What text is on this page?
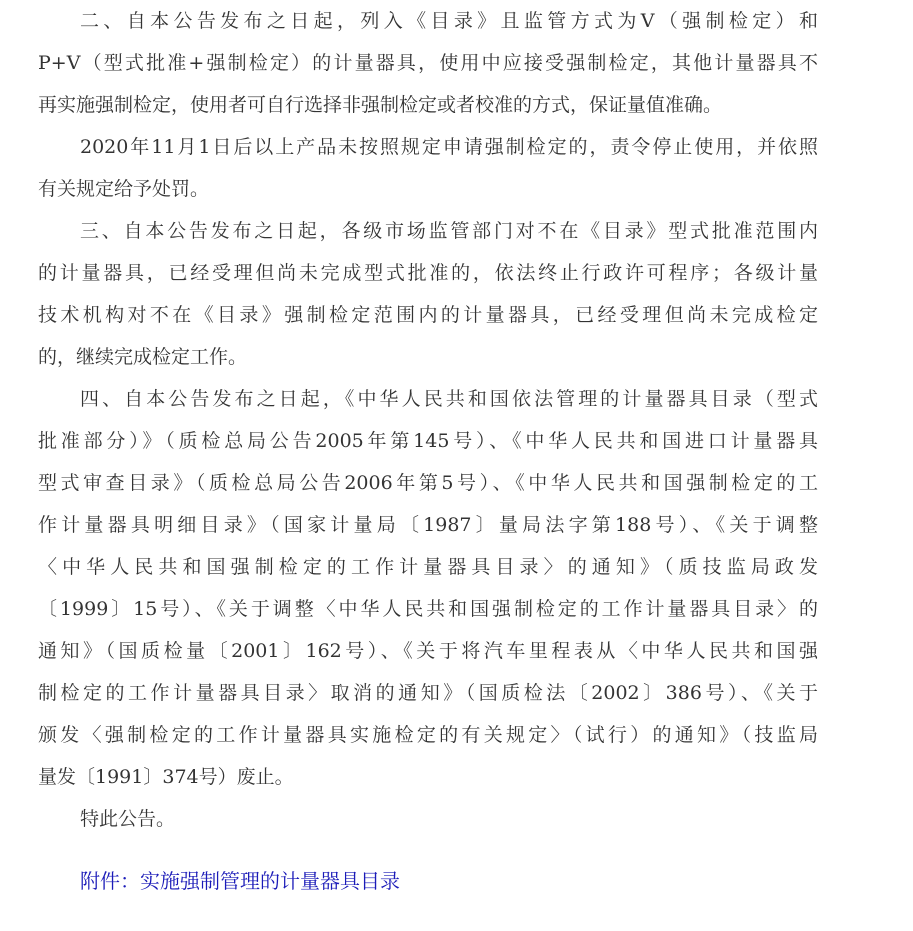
二、自本公告发布之日起，列入《目录》且监管方式为V（强制检定）和
P+V（型式批准+强制检定）的计量器具，使用中应接受强制检定，其他计量器具不
再实施强制检定，使用者可自行选择非强制检定或者校准的方式，保证量值准确。
2020年11月1日后以上产品未按照规定申请强制检定的，责令停止使用，并依照
有关规定给予处罚。
三、自本公告发布之日起，各级市场监管部门对不在《目录》型式批准范围内
的计量器具，已经受理但尚未完成型式批准的，依法终止行政许可程序；各级计量
技术机构对不在《目录》强制检定范围内的计量器具，已经受理但尚未完成检定
的，继续完成检定工作。
四、自本公告发布之日起，《中华人民共和国依法管理的计量器具目录（型式
批准部分）》（质检总局公告2005年第145号）、《中华人民共和国进口计量器具
型式审查目录》（质检总局公告2006年第5号）、《中华人民共和国强制检定的工
作计量器具明细目录》（国家计量局〔1987〕量局法字第188号）、《关于调整
〈中华人民共和国强制检定的工作计量器具目录〉的通知》（质技监局政发
〔1999〕15号）、《关于调整〈中华人民共和国强制检定的工作计量器具目录〉的
通知》（国质检量〔2001〕162号）、《关于将汽车里程表从〈中华人民共和国强
制检定的工作计量器具目录〉取消的通知》（国质检法〔2002〕386号）、《关于
颁发〈强制检定的工作计量器具实施检定的有关规定〉（试行）的通知》（技监局
量发〔1991〕374号）废止。
特此公告。
附件：实施强制管理的计量器具目录
